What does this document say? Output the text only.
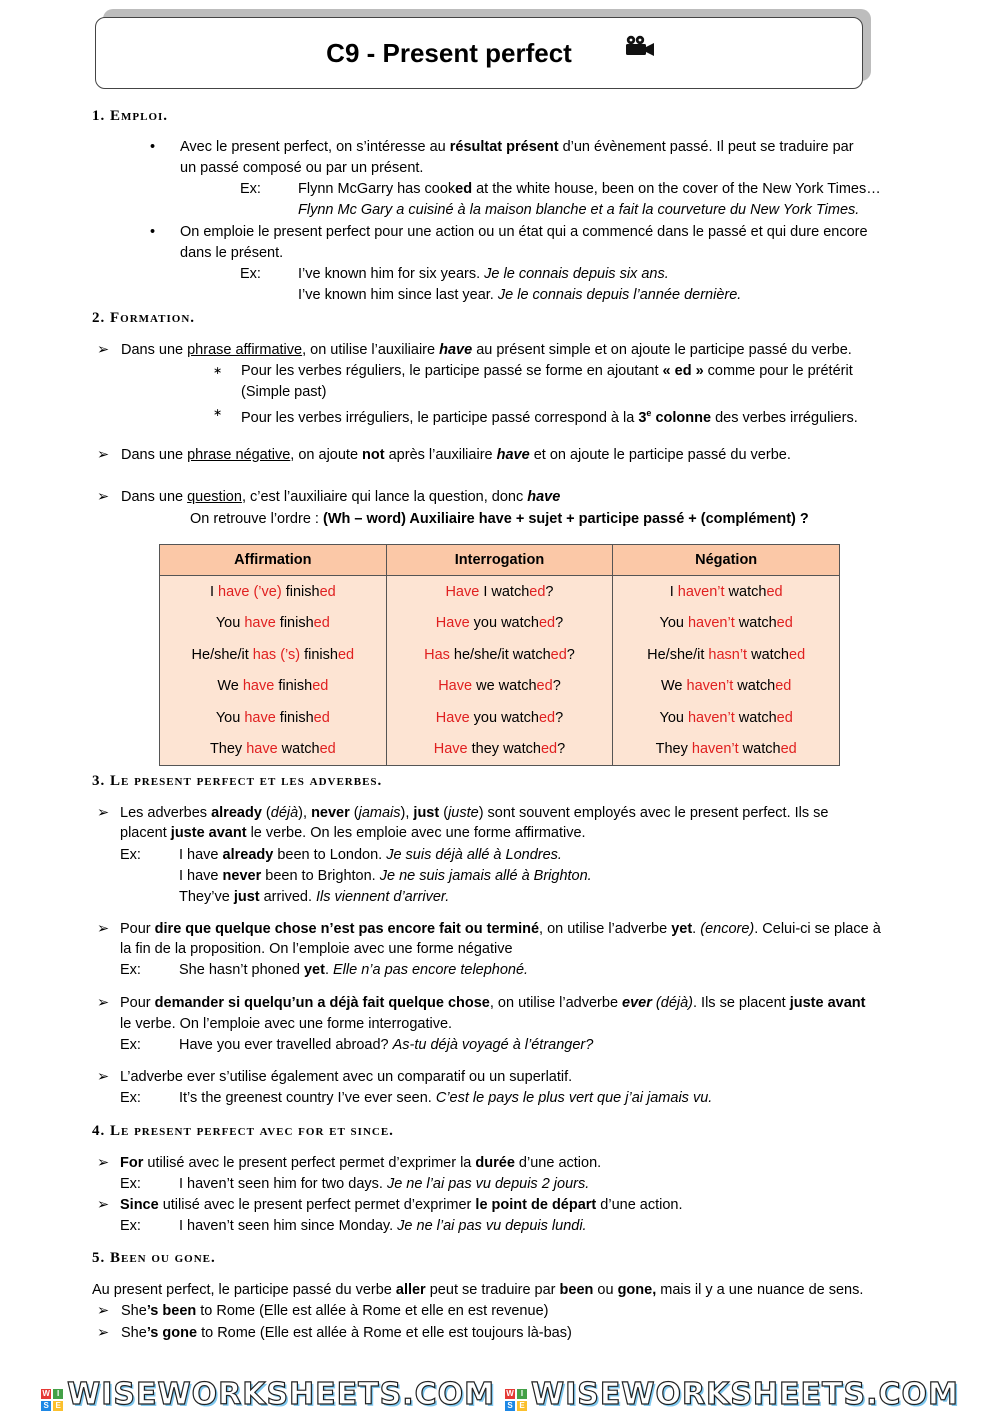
C9 - Present perfect
1. Emploi.
• Avec le present perfect, on s’intéresse au résultat présent d’un évènement passé. Il peut se traduire par
un passé composé ou par un présent.
Ex:	Flynn McGarry has cooked at the white house, been on the cover of the New York Times…
Flynn Mc Gary a cuisiné à la maison blanche et a fait la courveture du New York Times.
• On emploie le present perfect pour une action ou un état qui a commencé dans le passé et qui dure encore
dans le présent.
Ex:	I’ve known him for six years. Je le connais depuis six ans.
I’ve known him since last year. Je le connais depuis l’année dernière.
2. Formation.
➢ Dans une phrase affirmative, on utilise l’auxiliaire have au présent simple et on ajoute le participe passé du verbe.
∗ Pour les verbes réguliers, le participe passé se forme en ajoutant « ed » comme pour le prétérit
(Simple past)
∗ Pour les verbes irréguliers, le participe passé correspond à la 3e colonne des verbes irréguliers.
➢ Dans une phrase négative, on ajoute not après l’auxiliaire have et on ajoute le participe passé du verbe.
➢ Dans une question, c’est l’auxiliaire qui lance la question, donc have
On retrouve l’ordre : (Wh – word) Auxiliaire have + sujet + participe passé + (complément) ?
Affirmation	Interrogation	Négation
I have (’ve) finished	Have I watched?	I haven’t watched
You have finished	Have you watched?	You haven’t watched
He/she/it has (’s) finished	Has he/she/it watched?	He/she/it hasn’t watched
We have finished	Have we watched?	We haven’t watched
You have finished	Have you watched?	You haven’t watched
They have watched	Have they watched?	They haven’t watched
3. Le present perfect et les adverbes.
➢ Les adverbes already (déjà), never (jamais), just (juste) sont souvent employés avec le present perfect. Ils se
placent juste avant le verbe. On les emploie avec une forme affirmative.
Ex:	I have already been to London. Je suis déjà allé à Londres.
I have never been to Brighton. Je ne suis jamais allé à Brighton.
They’ve just arrived. Ils viennent d’arriver.
➢ Pour dire que quelque chose n’est pas encore fait ou terminé, on utilise l’adverbe yet. (encore). Celui-ci se place à
la fin de la proposition. On l’emploie avec une forme négative
Ex:	She hasn’t phoned yet. Elle n’a pas encore telephoné.
➢ Pour demander si quelqu’un a déjà fait quelque chose, on utilise l’adverbe ever (déjà). Ils se placent juste avant
le verbe. On l’emploie avec une forme interrogative.
Ex:	Have you ever travelled abroad? As-tu déjà voyagé à l’étranger?
➢ L’adverbe ever s’utilise également avec un comparatif ou un superlatif.
Ex:	It’s the greenest country I’ve ever seen. C’est le pays le plus vert que j’ai jamais vu.
4. Le present perfect avec for et since.
➢ For utilisé avec le present perfect permet d’exprimer la durée d’une action.
Ex:	I haven’t seen him for two days. Je ne l’ai pas vu depuis 2 jours.
➢ Since utilisé avec le present perfect permet d’exprimer le point de départ d’une action.
Ex:	I haven’t seen him since Monday. Je ne l’ai pas vu depuis lundi.
5. Been ou gone.
Au present perfect, le participe passé du verbe aller peut se traduire par been ou gone, mais il y a une nuance de sens.
➢ She’s been to Rome (Elle est allée à Rome et elle en est revenue)
➢ She’s gone to Rome (Elle est allée à Rome et elle est toujours là-bas)
W I
S E WISEWORKSHEETS.COM W I
S E WISEWORKSHEETS.COM
